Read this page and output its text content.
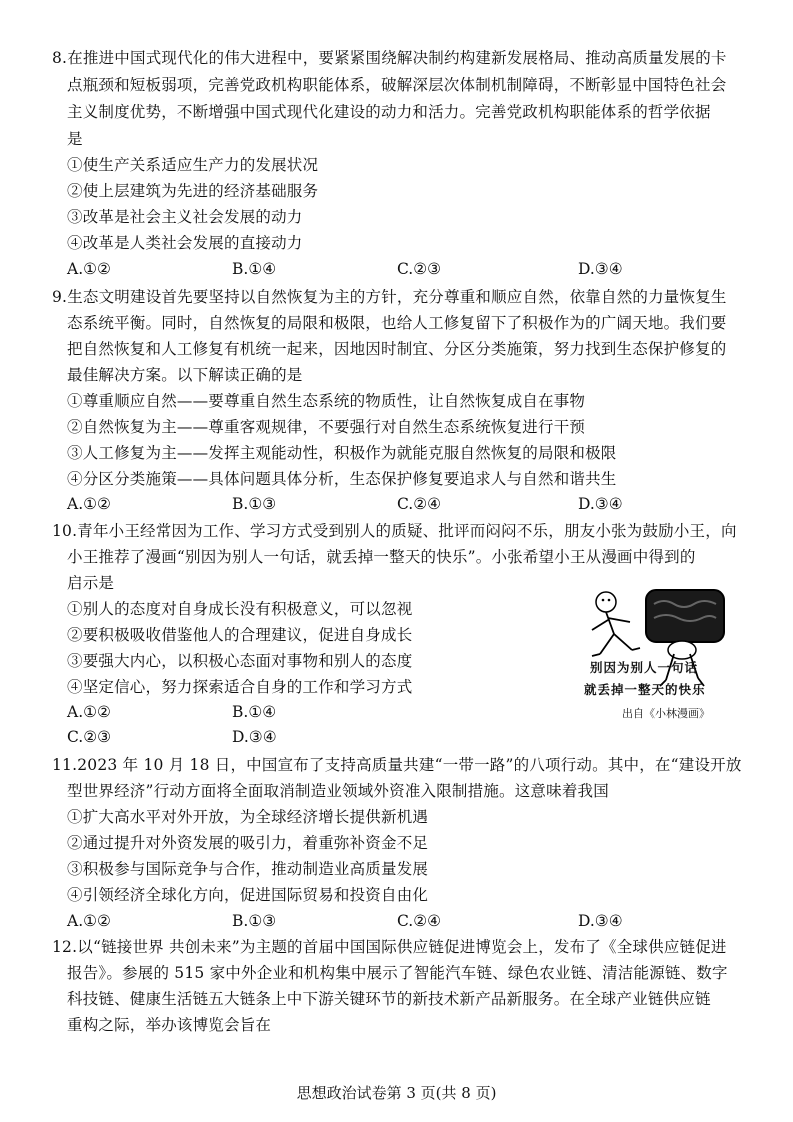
8.在推进中国式现代化的伟大进程中，要紧紧围绕解决制约构建新发展格局、推动高质量发展的卡
点瓶颈和短板弱项，完善党政机构职能体系，破解深层次体制机制障碍，不断彰显中国特色社会
主义制度优势，不断增强中国式现代化建设的动力和活力。完善党政机构职能体系的哲学依据
是
①使生产关系适应生产力的发展状况
②使上层建筑为先进的经济基础服务
③改革是社会主义社会发展的动力
④改革是人类社会发展的直接动力
A.①②	B.①④	C.②③	D.③④
9.生态文明建设首先要坚持以自然恢复为主的方针，充分尊重和顺应自然，依靠自然的力量恢复生
态系统平衡。同时，自然恢复的局限和极限，也给人工修复留下了积极作为的广阔天地。我们要
把自然恢复和人工修复有机统一起来，因地因时制宜、分区分类施策，努力找到生态保护修复的
最佳解决方案。以下解读正确的是
①尊重顺应自然——要尊重自然生态系统的物质性，让自然恢复成自在事物
②自然恢复为主——尊重客观规律，不要强行对自然生态系统恢复进行干预
③人工修复为主——发挥主观能动性，积极作为就能克服自然恢复的局限和极限
④分区分类施策——具体问题具体分析，生态保护修复要追求人与自然和谐共生
A.①②	B.①③	C.②④	D.③④
10.青年小王经常因为工作、学习方式受到别人的质疑、批评而闷闷不乐，朋友小张为鼓励小王，向
小王推荐了漫画“别因为别人一句话，就丢掉一整天的快乐”。小张希望小王从漫画中得到的
启示是
①别人的态度对自身成长没有积极意义，可以忽视
②要积极吸收借鉴他人的合理建议，促进自身成长
③要强大内心，以积极心态面对事物和别人的态度
④坚定信心，努力探索适合自身的工作和学习方式
A.①②	B.①④
C.②③	D.③④
别因为别人一句话
就丢掉一整天的快乐
出自《小林漫画》
11.2023 年 10 月 18 日，中国宣布了支持高质量共建“一带一路”的八项行动。其中，在“建设开放
型世界经济”行动方面将全面取消制造业领域外资准入限制措施。这意味着我国
①扩大高水平对外开放，为全球经济增长提供新机遇
②通过提升对外资发展的吸引力，着重弥补资金不足
③积极参与国际竞争与合作，推动制造业高质量发展
④引领经济全球化方向，促进国际贸易和投资自由化
A.①②	B.①③	C.②④	D.③④
12.以“链接世界 共创未来”为主题的首届中国国际供应链促进博览会上，发布了《全球供应链促进
报告》。参展的 515 家中外企业和机构集中展示了智能汽车链、绿色农业链、清洁能源链、数字
科技链、健康生活链五大链条上中下游关键环节的新技术新产品新服务。在全球产业链供应链
重构之际，举办该博览会旨在
思想政治试卷第 3 页(共 8 页)
